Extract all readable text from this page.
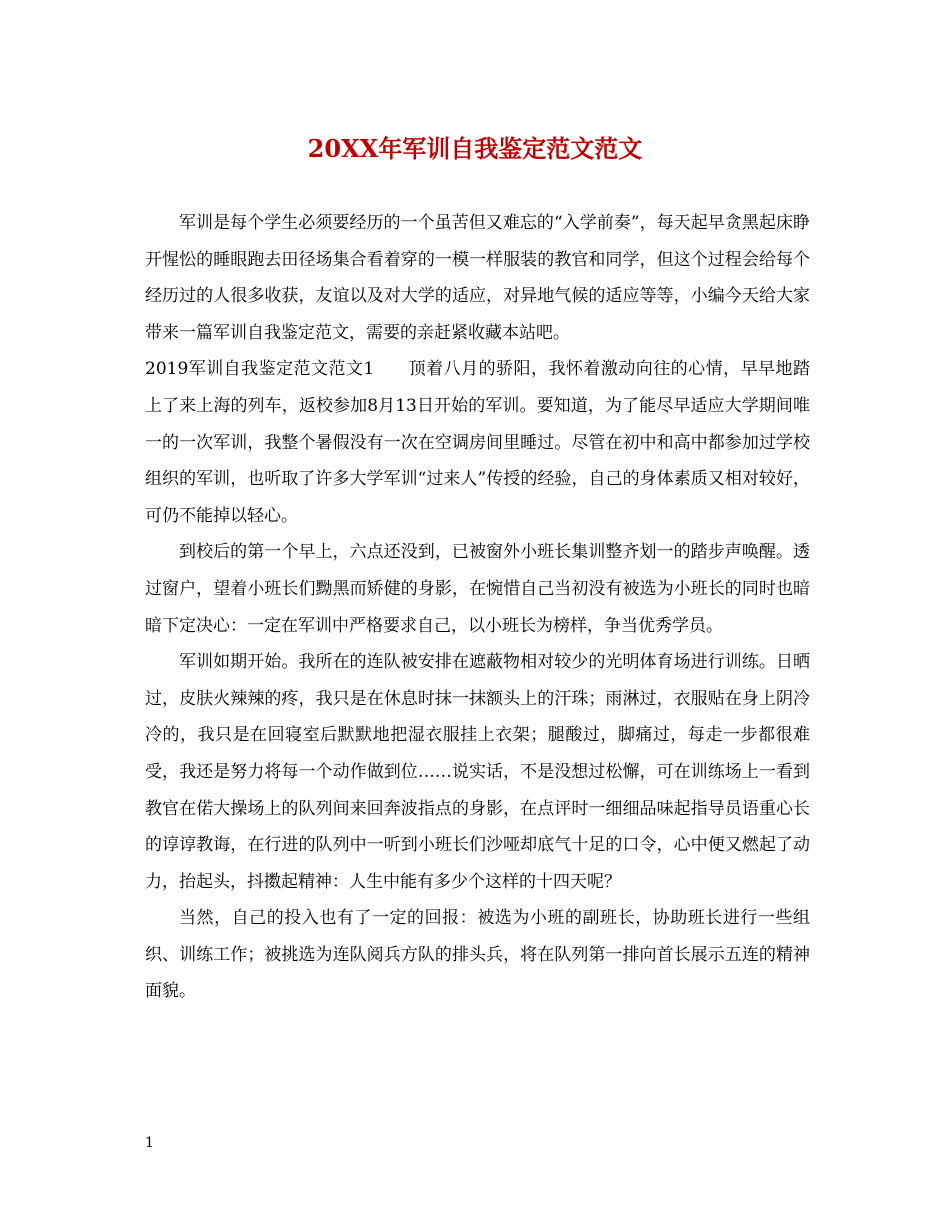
20XX年军训自我鉴定范文范文

军训是每个学生必须要经历的一个虽苦但又难忘的“入学前奏”，每天起早贪黑起床睁开惺忪的睡眼跑去田径场集合看着穿的一模一样服装的教官和同学，但这个过程会给每个经历过的人很多收获，友谊以及对大学的适应，对异地气候的适应等等，小编今天给大家带来一篇军训自我鉴定范文，需要的亲赶紧收藏本站吧。

2019军训自我鉴定范文范文1 顶着八月的骄阳，我怀着激动向往的心情，早早地踏上了来上海的列车，返校参加8月13日开始的军训。要知道，为了能尽早适应大学期间唯一的一次军训，我整个暑假没有一次在空调房间里睡过。尽管在初中和高中都参加过学校组织的军训，也听取了许多大学军训“过来人”传授的经验，自己的身体素质又相对较好，可仍不能掉以轻心。

到校后的第一个早上，六点还没到，已被窗外小班长集训整齐划一的踏步声唤醒。透过窗户，望着小班长们黝黑而矫健的身影，在惋惜自己当初没有被选为小班长的同时也暗暗下定决心：一定在军训中严格要求自己，以小班长为榜样，争当优秀学员。

军训如期开始。我所在的连队被安排在遮蔽物相对较少的光明体育场进行训练。日晒过，皮肤火辣辣的疼，我只是在休息时抹一抹额头上的汗珠；雨淋过，衣服贴在身上阴冷冷的，我只是在回寝室后默默地把湿衣服挂上衣架；腿酸过，脚痛过，每走一步都很难受，我还是努力将每一个动作做到位……说实话，不是没想过松懈，可在训练场上一看到教官在偌大操场上的队列间来回奔波指点的身影，在点评时一细细品味起指导员语重心长的谆谆教诲，在行进的队列中一听到小班长们沙哑却底气十足的口令，心中便又燃起了动力，抬起头，抖擞起精神：人生中能有多少个这样的十四天呢？

当然，自己的投入也有了一定的回报：被选为小班的副班长，协助班长进行一些组织、训练工作；被挑选为连队阅兵方队的排头兵，将在队列第一排向首长展示五连的精神面貌。

1
